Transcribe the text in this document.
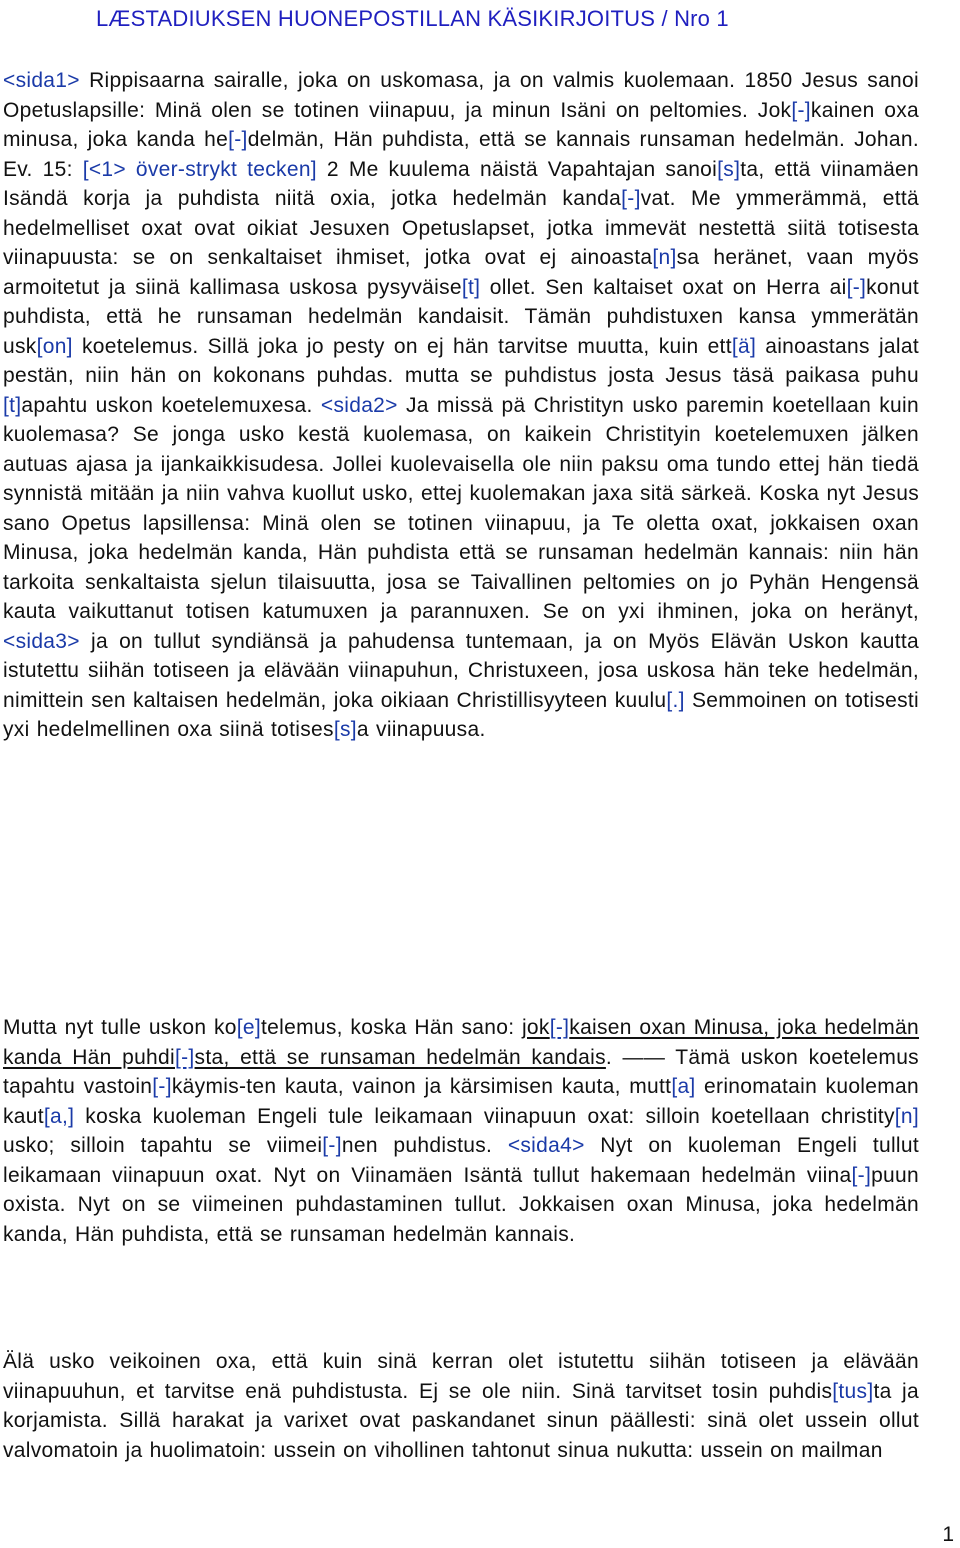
LÆSTADIUKSEN HUONEPOSTILLAN KÄSIKIRJOITUS / Nro 1
<sida1> Rippisaarna sairalle, joka on uskomasa, ja on valmis kuolemaan. 1850 Jesus sanoi Opetuslapsille: Minä olen se totinen viinapuu, ja minun Isäni on peltomies. Jok[-]kainen oxa minusa, joka kanda he[-]delmän, Hän puhdista, että se kannais runsaman hedelmän. Johan. Ev. 15: [<1> över-strykt tecken] 2 Me kuulema näistä Vapahtajan sanoi[s]ta, että viinamäen Isändä korja ja puhdista niitä oxia, jotka hedelmän kanda[-]vat. Me ymmerämmä, että hedelmelliset oxat ovat oikiat Jesuxen Opetuslapset, jotka immevät nestettä siitä totisesta viinapuusta: se on senkaltaiset ihmiset, jotka ovat ej ainoasta[n]sa heränet, vaan myös armoitetut ja siinä kallimasa uskosa pysyväise[t] ollet. Sen kaltaiset oxat on Herra ai[-]konut puhdista, että he runsaman hedelmän kandaisit. Tämän puhdistuxen kansa ymmerätän usk[on] koetelemus. Sillä joka jo pesty on ej hän tarvitse muutta, kuin ett[ä] ainoastans jalat pestän, niin hän on kokonans puhdas. mutta se puhdistus josta Jesus täsä paikasa puhu [t]apahtu uskon koetelemuxesa. <sida2> Ja missä pä Christityn usko paremin koetellaan kuin kuolemasa? Se jonga usko kestä kuolemasa, on kaikein Christityin koetelemuxen jälken autuas ajasa ja ijankaikkisudesa. Jollei kuolevaisella ole niin paksu oma tundo ettej hän tiedä synnistä mitään ja niin vahva kuollut usko, ettej kuolemakan jaxa sitä särkeä. Koska nyt Jesus sano Opetus lapsillensa: Minä olen se totinen viinapuu, ja Te oletta oxat, jokkaisen oxan Minusa, joka hedelmän kanda, Hän puhdista että se runsaman hedelmän kannais: niin hän tarkoita senkaltaista sjelun tilaisuutta, josa se Taivallinen peltomies on jo Pyhän Hengensä kauta vaikuttanut totisen katumuxen ja parannuxen. Se on yxi ihminen, joka on heränyt, <sida3> ja on tullut syndiänsä ja pahudensa tuntemaan, ja on Myös Elävän Uskon kautta istutettu siihän totiseen ja elävään viinapuhun, Christuxeen, josa uskosa hän teke hedelmän, nimittein sen kaltaisen hedelmän, joka oikiaan Christillisyyteen kuulu[.] Semmoinen on totisesti yxi hedelmellinen oxa siinä totises[s]a viinapuusa.
Mutta nyt tulle uskon ko[e]telemus, koska Hän sano: jok[-]kaisen oxan Minusa, joka hedelmän kanda Hän puhdi[-]sta, että se runsaman hedelmän kandais. —— Tämä uskon koetelemus tapahtu vastoin[-]käymis-ten kauta, vainon ja kärsimisen kauta, mutt[a] erinomatain kuoleman kaut[a,] koska kuoleman Engeli tule leikamaan viinapuun oxat: silloin koetellaan christity[n] usko; silloin tapahtu se viimei[-]nen puhdistus. <sida4> Nyt on kuoleman Engeli tullut leikamaan viinapuun oxat. Nyt on Viinamäen Isäntä tullut hakemaan hedelmän viina[-]puun oxista. Nyt on se viimeinen puhdastaminen tullut. Jokkaisen oxan Minusa, joka hedelmän kanda, Hän puhdista, että se runsaman hedelmän kannais.
Älä usko veikoinen oxa, että kuin sinä kerran olet istutettu siihän totiseen ja elävään viinapuuhun, et tarvitse enä puhdistusta. Ej se ole niin. Sinä tarvitset tosin puhdis[tus]ta ja korjamista. Sillä harakat ja varixet ovat paskandanet sinun päällesti: sinä olet ussein ollut valvomatoin ja huolimatoin: ussein on vihollinen tahtonut sinua nukutta: ussein on mailman
1
